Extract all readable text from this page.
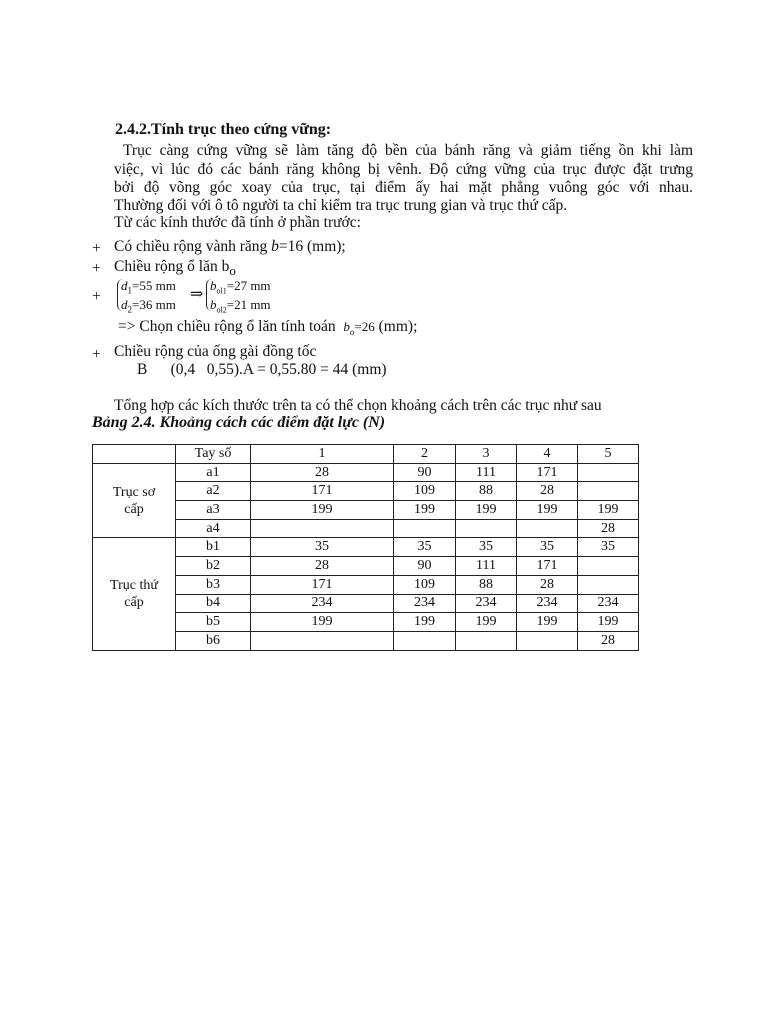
2.4.2.Tính trục theo cứng vững:
Trục càng cứng vững sẽ làm tăng độ bền của bánh răng và giảm tiếng ồn khi làm
việc, vì lúc đó các bánh răng không bị vênh. Độ cứng vững của trục được đặt trưng
bởi độ võng góc xoay của trục, tại điểm ấy hai mặt phẳng vuông góc với nhau.
Thường đối với ô tô người ta chỉ kiểm tra trục trung gian và trục thứ cấp.
Từ các kính thước đã tính ở phần trước:
+ Có chiều rộng vành răng b=16 (mm);
+ Chiều rộng ổ lăn $b_o$
+
$d_1=55$ mm
$d_2=36$ mm
⇒
$b_{ol1}=27$ mm
$b_{ol2}=21$ mm
=> Chọn chiều rộng ổ lăn tính toán $b_o=26$ (mm);
+ Chiều rộng của ống gài đồng tốc
B      (0,4   0,55).A = 0,55.80 = 44 (mm)
Tổng hợp các kích thước trên ta có thể chọn khoảng cách trên các trục như sau
Bảng 2.4. Khoảng cách các điểm đặt lực (N)
	Tay số	1	2	3	4	5
Trục sơ cấp	a1	28	90	111	171	
	a2	171	109	88	28	
	a3	199	199	199	199	199
	a4					28
Trục thứ cấp	b1	35	35	35	35	35
	b2	28	90	111	171	
	b3	171	109	88	28	
	b4	234	234	234	234	234
	b5	199	199	199	199	199
	b6					28
